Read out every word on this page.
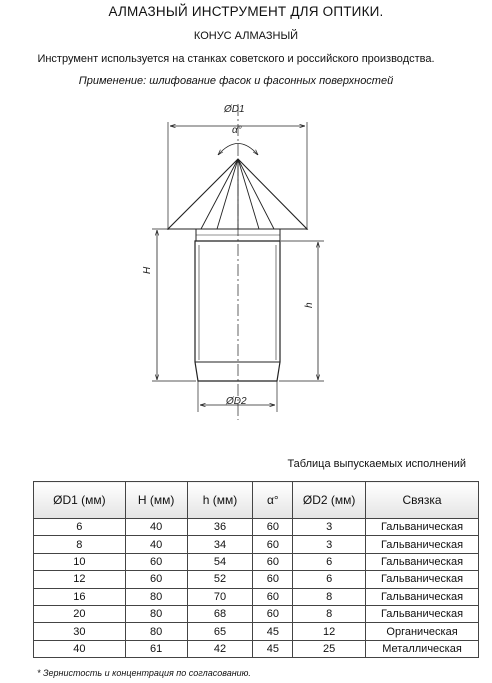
АЛМАЗНЫЙ ИНСТРУМЕНТ ДЛЯ ОПТИКИ.
КОНУС АЛМАЗНЫЙ
Инструмент используется на станках советского и российского производства.
Применение: шлифование фасок и фасонных поверхностей
ØD1
α°
H
h
ØD2
Таблица выпускаемых исполнений
ØD1 (мм)	H (мм)	h (мм)	α°	ØD2 (мм)	Связка
6	40	36	60	3	Гальваническая
8	40	34	60	3	Гальваническая
10	60	54	60	6	Гальваническая
12	60	52	60	6	Гальваническая
16	80	70	60	8	Гальваническая
20	80	68	60	8	Гальваническая
30	80	65	45	12	Органическая
40	61	42	45	25	Металлическая
* Зернистость и концентрация по согласованию.
